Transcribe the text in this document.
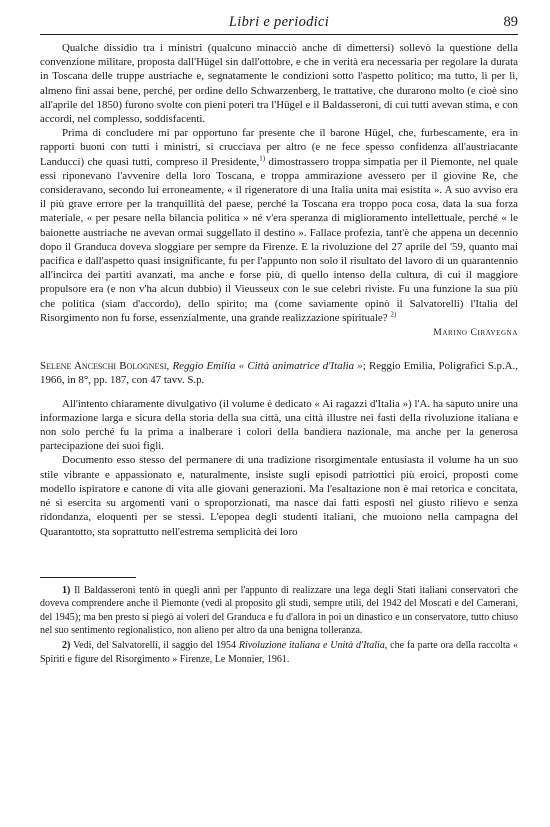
Libri e periodici	89

Qualche dissidio tra i ministri (qualcuno minacciò anche di dimettersi) sollevò la questione della convenzione militare, proposta dall'Hügel sin dall'ottobre, e che in verità era necessaria per regolare la durata in Toscana delle truppe austriache e, segnatamente le condizioni sotto l'aspetto politico; ma tutto, lì per lì, almeno finì assai bene, perché, per ordine dello Schwarzenberg, le trattative, che durarono molto (e cioè sino all'aprile del 1850) furono svolte con pieni poteri tra l'Hügel e il Baldasseroni, di cui tutti avevan stima, e con accordi, nel complesso, soddisfacenti.

Prima di concludere mi par opportuno far presente che il barone Hügel, che, furbescamente, era in rapporti buoni con tutti i ministri, si crucciava per altro (e ne fece spesso confidenza all'austriacante Landucci) che quasi tutti, compreso il Presidente,$^{1)}$ dimostrassero troppa simpatia per il Piemonte, nel quale essi riponevano l'avvenire della loro Toscana, e troppa ammirazione avessero per il giovine Re, che consideravano, secondo lui erroneamente, « il rigeneratore di una Italia unita mai esistita ». A suo avviso era il più grave errore per la tranquillità del paese, perché la Toscana era troppo poca cosa, data la sua forza materiale, « per pesare nella bilancia politica » né v'era speranza di miglioramento intellettuale, perché « le baionette austriache ne avevan ormai suggellato il destino ». Fallace profezia, tant'è che appena un decennio dopo il Granduca doveva sloggiare per sempre da Firenze. E la rivoluzione del 27 aprile del '59, quanto mai pacifica e dall'aspetto quasi insignificante, fu per l'appunto non solo il risultato del lavoro di un quarantennio all'incirca dei partiti avanzati, ma anche e forse più, di quello intenso della cultura, di cui il maggiore propulsore era (e non v'ha alcun dubbio) il Vieusseux con le sue celebri riviste. Fu una funzione la sua più che politica (siam d'accordo), dello spirito; ma (come saviamente opinò il Salvatorelli) l'Italia del Risorgimento non fu forse, essenzialmente, una grande realizzazione spirituale? $^{2)}$

Marino Ciravegna

Selene Anceschi Bolognesi, Reggio Emilia « Città animatrice d'Italia »; Reggio Emilia, Poligrafici S.p.A., 1966, in 8°, pp. 187, con 47 tavv. S.p.

All'intento chiaramente divulgativo (il volume è dedicato « Ai ragazzi d'Italia ») l'A. ha saputo unire una informazione larga e sicura della storia della sua città, una città illustre nei fasti della rivoluzione italiana e non solo perché fu la prima a inalberare i colori della bandiera nazionale, ma anche per la generosa partecipazione dei suoi figli.

Documento esso stesso del permanere di una tradizione risorgimentale entusiasta il volume ha un suo stile vibrante e appassionato e, naturalmente, insiste sugli episodi patriottici più eroici, proposti come modello ispiratore e canone di vita alle giovani generazioni. Ma l'esaltazione non è mai retorica e concitata, né si esercita su argomenti vani o sproporzionati, ma nasce dai fatti esposti nel giusto rilievo e senza ridondanza, eloquenti per se stessi. L'epopea degli studenti italiani, che muoiono nella campagna del Quarantotto, sta soprattutto nell'estrema semplicità dei loro

1) Il Baldasseroni tentò in quegli anni per l'appunto di realizzare una lega degli Stati italiani conservatori che doveva comprendere anche il Piemonte (vedi al proposito gli studi, sempre utili, del 1942 del Moscati e del Camerani, del 1945); ma ben presto si piegò ai voleri del Granduca e fu d'allora in poi un dinastico e un conservatore, tutto chiuso nel suo sentimento regionalistico, non alieno per altro da una benigna tolleranza.

2) Vedi, del Salvatorelli, il saggio del 1954 Rivoluzione italiana e Unità d'Italia, che fa parte ora della raccolta « Spiriti e figure del Risorgimento » Firenze, Le Monnier, 1961.
